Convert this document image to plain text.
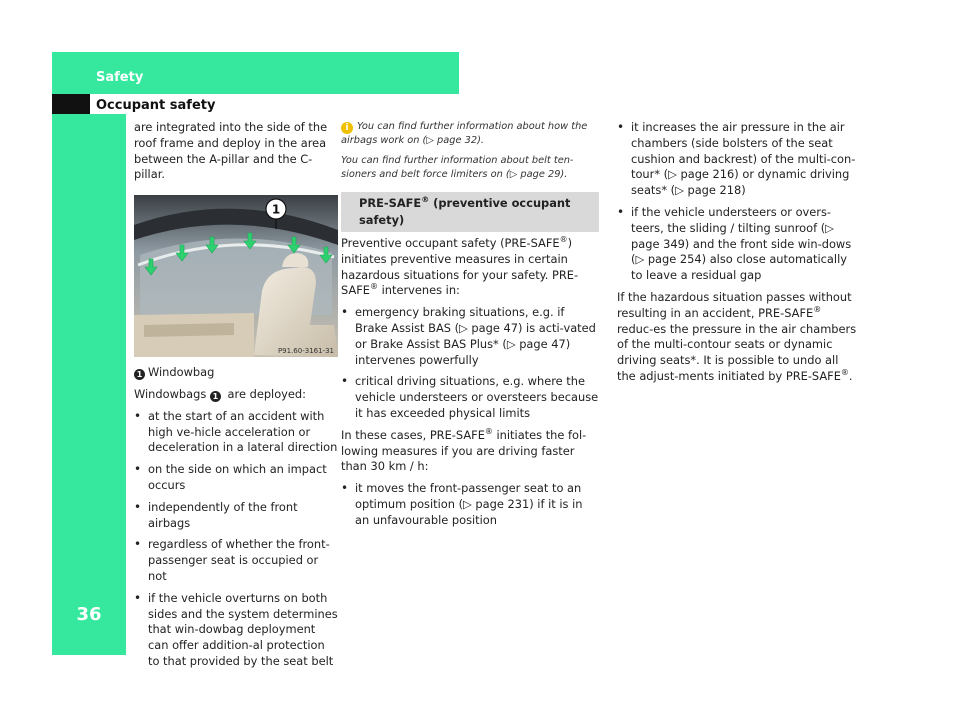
Safety
Occupant safety
36

are integrated into the side of the roof frame and deploy in the area between the A-pillar and the C-pillar.

1
P91.60-3161-31

1 Windowbag

Windowbags 1 are deployed:

• at the start of an accident with high ve-hicle acceleration or deceleration in a lateral direction
• on the side on which an impact occurs
• independently of the front airbags
• regardless of whether the front-passenger seat is occupied or not
• if the vehicle overturns on both sides and the system determines that win-dowbag deployment can offer addition-al protection to that provided by the seat belt
i You can find further information about how the airbags work on (▷ page 32).
You can find further information about belt ten-sioners and belt force limiters on (▷ page 29).
PRE-SAFE® (preventive occupant safety)

Preventive occupant safety (PRE-SAFE®) initiates preventive measures in certain hazardous situations for your safety. PRE-SAFE® intervenes in:

• emergency braking situations, e.g. if Brake Assist BAS (▷ page 47) is acti-vated or Brake Assist BAS Plus* (▷ page 47) intervenes powerfully
• critical driving situations, e.g. where the vehicle understeers or oversteers because it has exceeded physical limits

In these cases, PRE-SAFE® initiates the fol-lowing measures if you are driving faster than 30 km / h:

• it moves the front-passenger seat to an optimum position (▷ page 231) if it is in an unfavourable position
• it increases the air pressure in the air chambers (side bolsters of the seat cushion and backrest) of the multi-con-tour* (▷ page 216) or dynamic driving seats* (▷ page 218)
• if the vehicle understeers or overs-teers, the sliding / tilting sunroof (▷ page 349) and the front side win-dows (▷ page 254) also close automatically to leave a residual gap

If the hazardous situation passes without resulting in an accident, PRE-SAFE® reduc-es the pressure in the air chambers of the multi-contour seats or dynamic driving seats*. It is possible to undo all the adjust-ments initiated by PRE-SAFE®.
